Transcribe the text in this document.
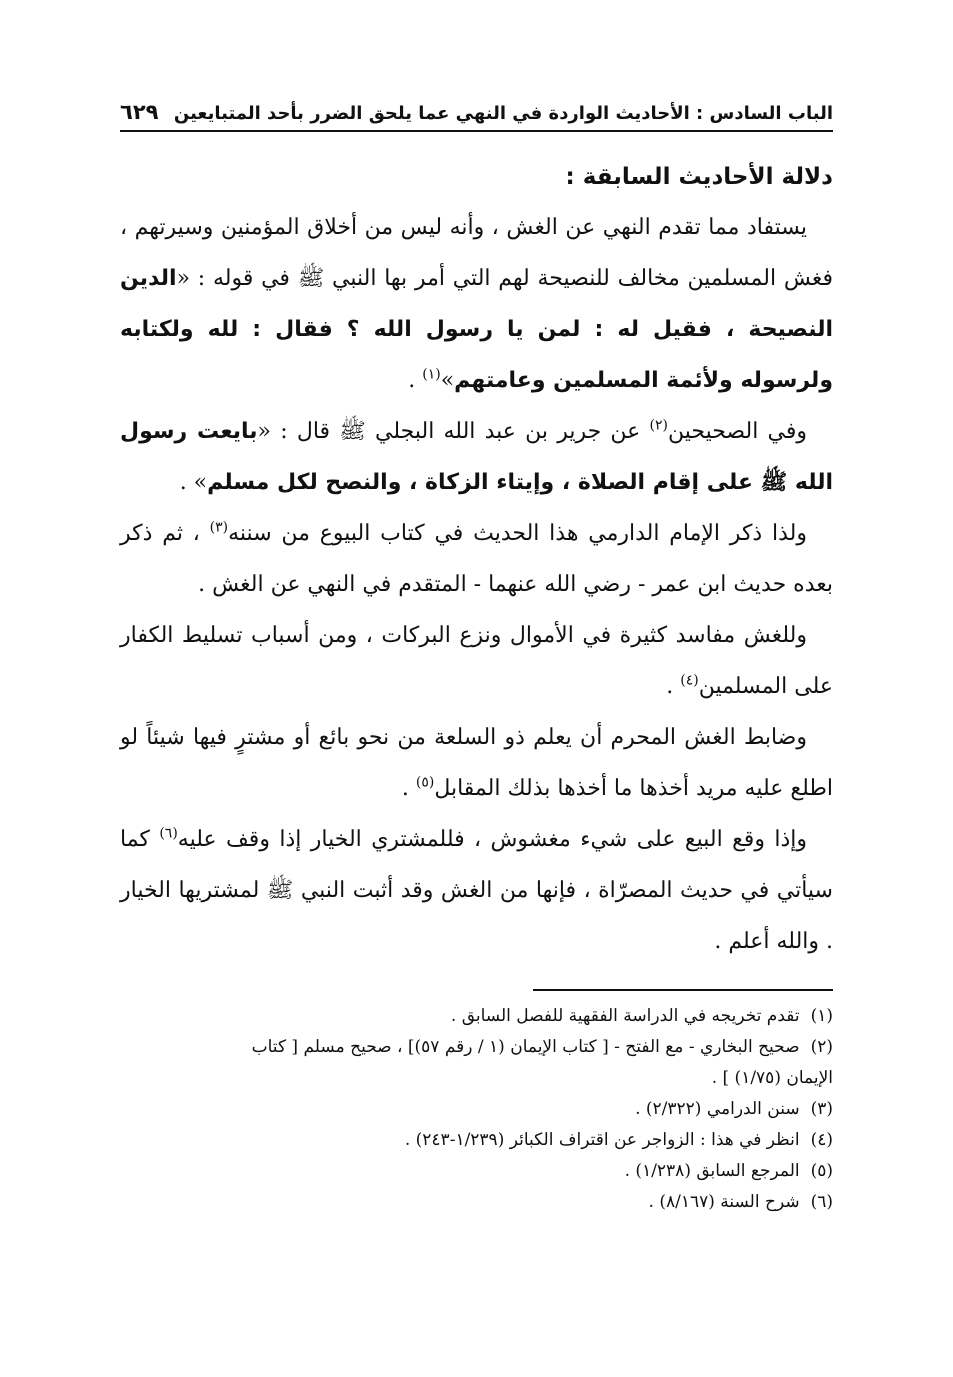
الباب السادس : الأحاديث الواردة في النهي عما يلحق الضرر بأحد المتبايعين
٦٢٩
دلالة الأحاديث السابقة :

يستفاد مما تقدم النهي عن الغش ، وأنه ليس من أخلاق المؤمنين وسيرتهم ، فغش المسلمين مخالف للنصيحة لهم التي أمر بها النبي ﷺ في قوله : «الدين النصيحة ، فقيل له : لمن يا رسول الله ؟ فقال : لله ولكتابه ولرسوله ولأئمة المسلمين وعامتهم»$^{(١)}$ .

وفي الصحيحين$^{(٢)}$ عن جرير بن عبد الله البجلي ﷺ قال : «بايعت رسول الله ﷺ على إقام الصلاة ، وإيتاء الزكاة ، والنصح لكل مسلم» .

ولذا ذكر الإمام الدارمي هذا الحديث في كتاب البيوع من سننه$^{(٣)}$ ، ثم ذكر بعده حديث ابن عمر - رضي الله عنهما - المتقدم في النهي عن الغش .

وللغش مفاسد كثيرة في الأموال ونزع البركات ، ومن أسباب تسليط الكفار على المسلمين$^{(٤)}$ .

وضابط الغش المحرم أن يعلم ذو السلعة من نحو بائع أو مشترٍ فيها شيئاً لو اطلع عليه مريد أخذها ما أخذها بذلك المقابل$^{(٥)}$ .

وإذا وقع البيع على شيء مغشوش ، فللمشتري الخيار إذا وقف عليه$^{(٦)}$ كما سيأتي في حديث المصرّاة ، فإنها من الغش وقد أثبت النبي ﷺ لمشتريها الخيار . والله أعلم .

(١) تقدم تخريجه في الدراسة الفقهية للفصل السابق .

(٢) صحيح البخاري - مع الفتح - [ كتاب الإيمان (١ / رقم ٥٧)] ، صحيح مسلم [ كتاب

الإيمان (١/٧٥) ] .

(٣) سنن الدرامي (٢/٣٢٢) .

(٤) انظر في هذا : الزواجر عن اقتراف الكبائر (١/٢٣٩-٢٤٣) .

(٥) المرجع السابق (١/٢٣٨) .

(٦) شرح السنة (٨/١٦٧) .
